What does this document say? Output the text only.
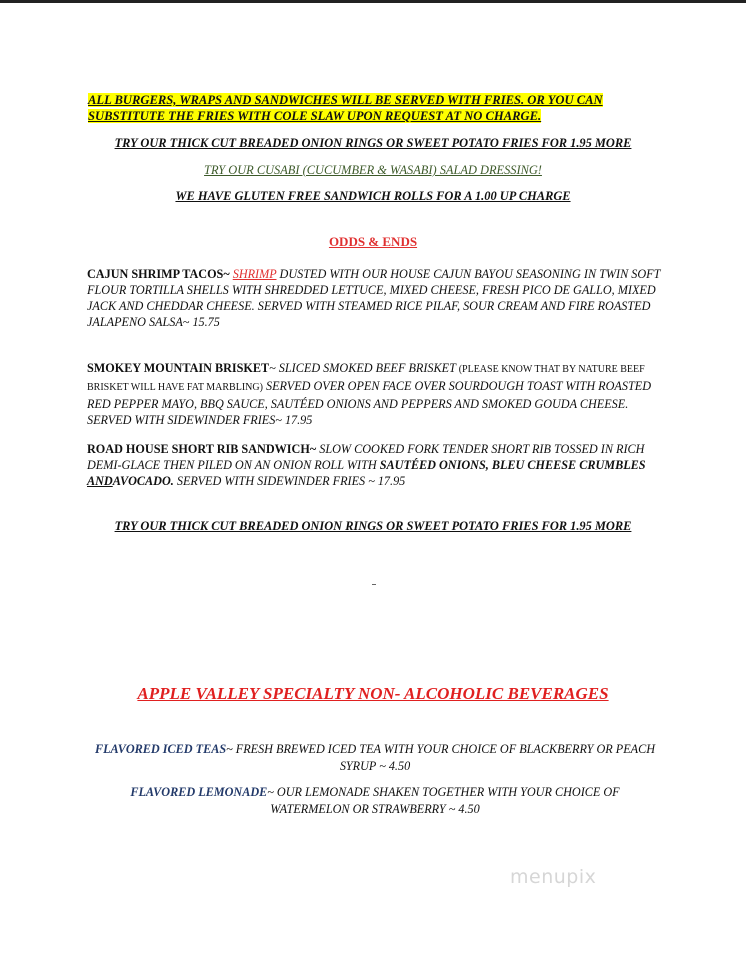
ALL BURGERS, WRAPS AND SANDWICHES WILL BE SERVED WITH FRIES. OR YOU CAN
SUBSTITUTE THE FRIES WITH COLE SLAW UPON REQUEST AT NO CHARGE.
TRY OUR THICK CUT BREADED ONION RINGS OR SWEET POTATO FRIES FOR 1.95 MORE
TRY OUR CUSABI (CUCUMBER & WASABI) SALAD DRESSING!
WE HAVE GLUTEN FREE SANDWICH ROLLS FOR A 1.00 UP CHARGE
ODDS & ENDS
CAJUN SHRIMP TACOS~ SHRIMP DUSTED WITH OUR HOUSE CAJUN BAYOU SEASONING IN TWIN SOFT FLOUR TORTILLA SHELLS WITH SHREDDED LETTUCE, MIXED CHEESE, FRESH PICO DE GALLO, MIXED JACK AND CHEDDAR CHEESE. SERVED WITH STEAMED RICE PILAF, SOUR CREAM AND FIRE ROASTED JALAPENO SALSA~ 15.75
SMOKEY MOUNTAIN BRISKET~ SLICED SMOKED BEEF BRISKET (PLEASE KNOW THAT BY NATURE BEEF BRISKET WILL HAVE FAT MARBLING) SERVED OVER OPEN FACE OVER SOURDOUGH TOAST WITH ROASTED RED PEPPER MAYO, BBQ SAUCE, SAUTÉED ONIONS AND PEPPERS AND SMOKED GOUDA CHEESE. SERVED WITH SIDEWINDER FRIES~ 17.95
ROAD HOUSE SHORT RIB SANDWICH~ SLOW COOKED FORK TENDER SHORT RIB TOSSED IN RICH DEMI-GLACE THEN PILED ON AN ONION ROLL WITH SAUTÉED ONIONS, BLEU CHEESE CRUMBLES ANDAVOCADO. SERVED WITH SIDEWINDER FRIES ~ 17.95
TRY OUR THICK CUT BREADED ONION RINGS OR SWEET POTATO FRIES FOR 1.95 MORE
APPLE VALLEY SPECIALTY NON- ALCOHOLIC BEVERAGES
FLAVORED ICED TEAS~ FRESH BREWED ICED TEA WITH YOUR CHOICE OF BLACKBERRY OR PEACH SYRUP ~ 4.50
FLAVORED LEMONADE~ OUR LEMONADE SHAKEN TOGETHER WITH YOUR CHOICE OF WATERMELON OR STRAWBERRY ~ 4.50
menupix
